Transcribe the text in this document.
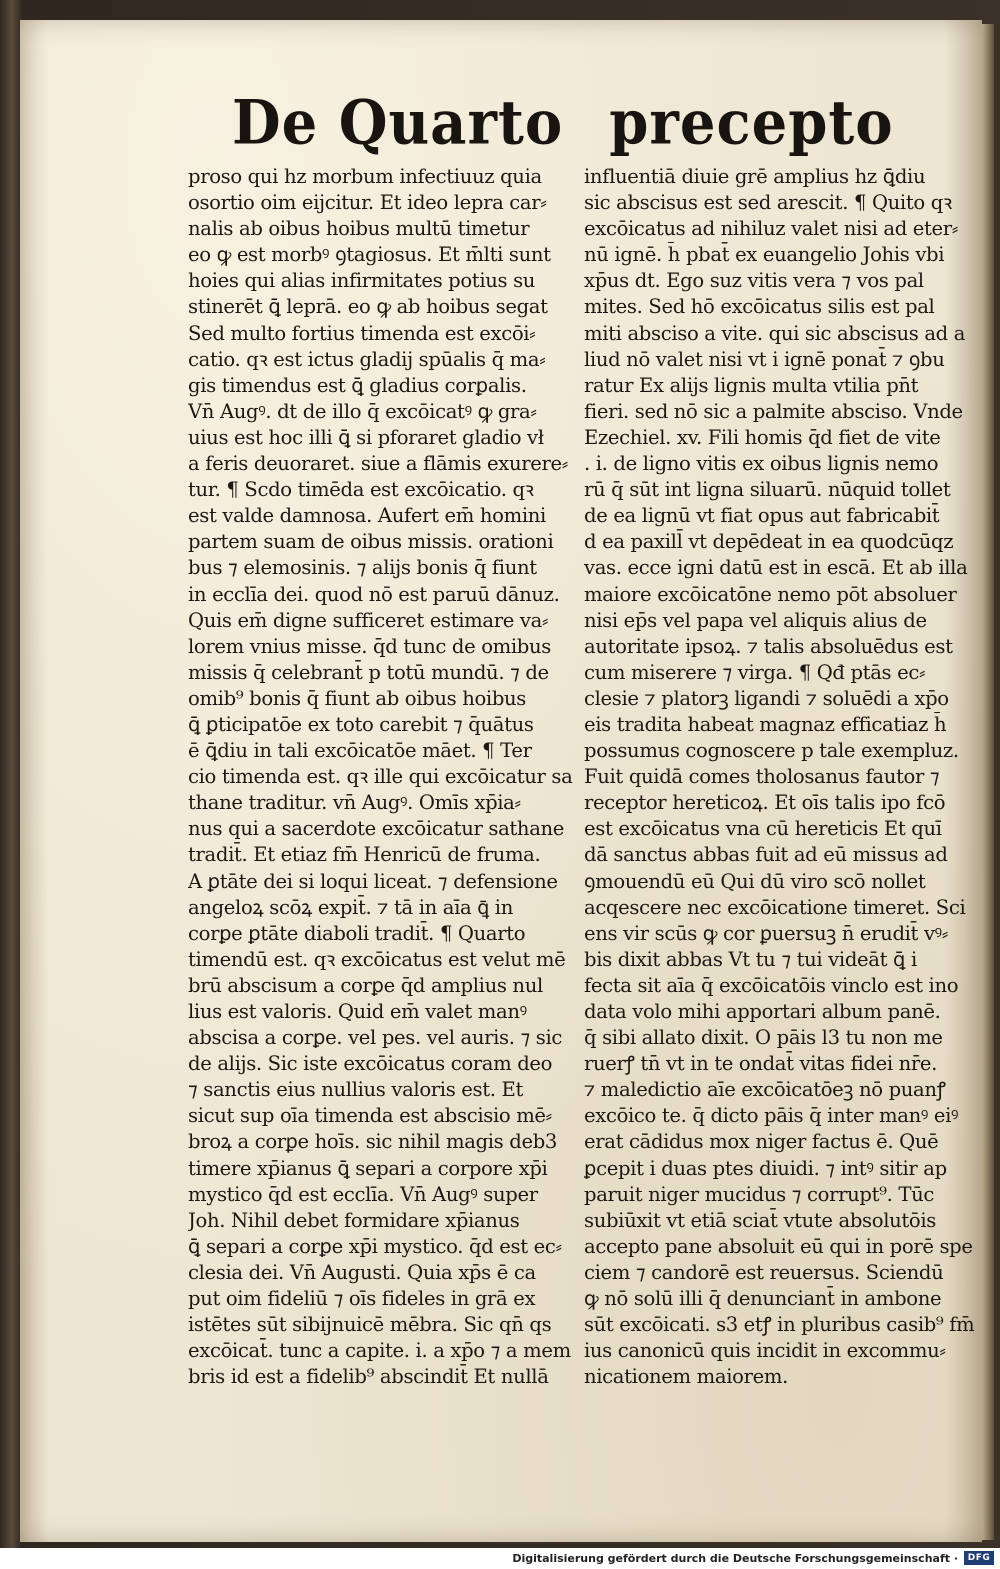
De Quarto precepto
proso qui hz morbum infectiuuz quia
osortio oim eijcitur. Et ideo lepra car⸗
nalis ab oibus hoibus multū timetur
eo ꝙ est morbꝰ ꝯtagiosus. Et m̄lti sunt
hoies qui alias infirmitates potius su
stinerēt ꝗ̄ leprā. eo ꝙ ab hoibus segat
Sed multo fortius timenda est excōi⸗
catio. qꝛ est ictus gladij spūalis q̄ ma⸗
gis timendus est ꝗ̄ gladius corꝑalis.
Vn̄ Augꝰ. dt de illo q̄ excōicatꝰ ꝙ gra⸗
uius est hoc illi ꝗ̄ si pforaret gladio vł
a feris deuoraret. siue a flāmis exurere⸗
tur. ¶ Scdo timēda est excōicatio. qꝛ
est valde damnosa. Aufert em̄ homini
partem suam de oibus missis. orationi
bus ⁊ elemosinis. ⁊ alijs bonis q̄ fiunt
in ecclīa dei. quod nō est paruū dānuz.
Quis em̄ digne sufficeret estimare va⸗
lorem vnius misse. q̄d tunc de omibus
missis q̄ celebrant̄ p totū mundū. ⁊ de
omib⁹ bonis q̄ fiunt ab oibus hoibus
ꝗ̄ ꝑticipatōe ex toto carebit ⁊ q̄uātus
ē ꝗ̄diu in tali excōicatōe māet. ¶ Ter
cio timenda est. qꝛ ille qui excōicatur sa
thane traditur. vn̄ Augꝰ. Omīs xp̄ia⸗
nus qui a sacerdote excōicatur sathane
tradit̄. Et etiaz fm̄ Henricū de fruma.
A ꝑtāte dei si loqui liceat. ⁊ defensione
angeloꝝ scōꝝ expit̄. ⁊ tā in aīa ꝗ̄ in
corꝑe ꝑtāte diaboli tradit̄. ¶ Quarto
timendū est. qꝛ excōicatus est velut mē
brū abscisum a corꝑe q̄d amplius nul
lius est valoris. Quid em̄ valet manꝰ
abscisa a corꝑe. vel pes. vel auris. ⁊ sic
de alijs. Sic iste excōicatus coram deo
⁊ sanctis eius nullius valoris est. Et
sicut sup oīa timenda est abscisio mē⸗
broꝝ a corꝑe hoīs. sic nihil magis deb3
timere xp̄ianus ꝗ̄ separi a corpore xp̄i
mystico q̄d est ecclīa. Vn̄ Augꝰ super
Joh. Nihil debet formidare xp̄ianus
ꝗ̄ separi a corꝑe xp̄i mystico. q̄d est ec⸗
clesia dei. Vn̄ Augusti. Quia xp̄s ē ca
put oim fideliū ⁊ oīs fideles in grā ex
istētes sūt sibijnuicē mēbra. Sic qn̄ qs
excōicat̄. tunc a capite. i. a xp̄o ⁊ a mem
bris id est a fidelib⁹ abscindit̄ Et nullā
influentiā diuie grē amplius hz ꝗ̄diu
sic abscisus est sed arescit. ¶ Quito qꝛ
excōicatus ad nihiluz valet nisi ad eter⸗
nū ignē. h̄ pbat̄ ex euangelio Johis vbi
xp̄us dt. Ego suz vitis vera ⁊ vos pal
mites. Sed hō excōicatus silis est pal
miti absciso a vite. qui sic abscisus ad a
liud nō valet nisi vt i ignē ponat̄ ⁊ ꝯbu
ratur Ex alijs lignis multa vtilia pn̄t
fieri. sed nō sic a palmite absciso. Vnde
Ezechiel. xv. Fili homis q̄d fiet de vite
. i. de ligno vitis ex oibus lignis nemo
rū q̄ sūt int ligna siluarū. nūquid tollet
de ea lignū vt fiat opus aut fabricabit̄
d ea paxill̄ vt depēdeat in ea quodcūqz
vas. ecce igni datū est in escā. Et ab illa
maiore excōicatōne nemo pōt absoluer
nisi ep̄s vel papa vel aliquis alius de
autoritate ipsoꝝ. ⁊ talis absoluēdus est
cum miserere ⁊ virga. ¶ Qđ ptās ec⸗
clesie ⁊ platorꝫ ligandi ⁊ soluēdi a xp̄o
eis tradita habeat magnaz efficatiaz h̄
possumus cognoscere p tale exempluz.
Fuit quidā comes tholosanus fautor ⁊
receptor hereticoꝝ. Et oīs talis ipo fcō
est excōicatus vna cū hereticis Et quī
dā sanctus abbas fuit ad eū missus ad
ꝯmouendū eū Qui dū viro scō nollet
acqescere nec excōicatione timeret. Sci
ens vir scūs ꝙ cor ꝑuersuꝫ n̄ erudit̄ vꝰ⸗
bis dixit abbas Vt tu ⁊ tui videāt ꝗ̄ i
fecta sit aīa q̄ excōicatōis vinclo est ino
data volo mihi apportari album panē.
q̄ sibi allato dixit. O pāis l3 tu non me
ruerꝭ tn̄ vt in te ondat̄ vitas fidei nr̄e.
⁊ maledictio aīe excōicatōeꝫ nō puanꝭ
excōico te. q̄ dicto pāis q̄ inter manꝰ eiꝰ
erat cādidus mox niger factus ē. Quē
ꝑcepit i duas ptes diuidi. ⁊ intꝰ sitir ap
paruit niger mucidus ⁊ corrupt⁹. Tūc
subiūxit vt etiā sciat̄ vtute absolutōis
accepto pane absoluit eū qui in porē spe
ciem ⁊ candorē est reuersus. Sciendū
ꝙ nō solū illi q̄ denunciant̄ in ambone
sūt excōicati. s3 etꝭ in pluribus casib⁹ fm̄
ius canonicū quis incidit in excommu⸗
nicationem maiorem.
Digitalisierung gefördert durch die Deutsche Forschungsgemeinschaft ·	DFG
